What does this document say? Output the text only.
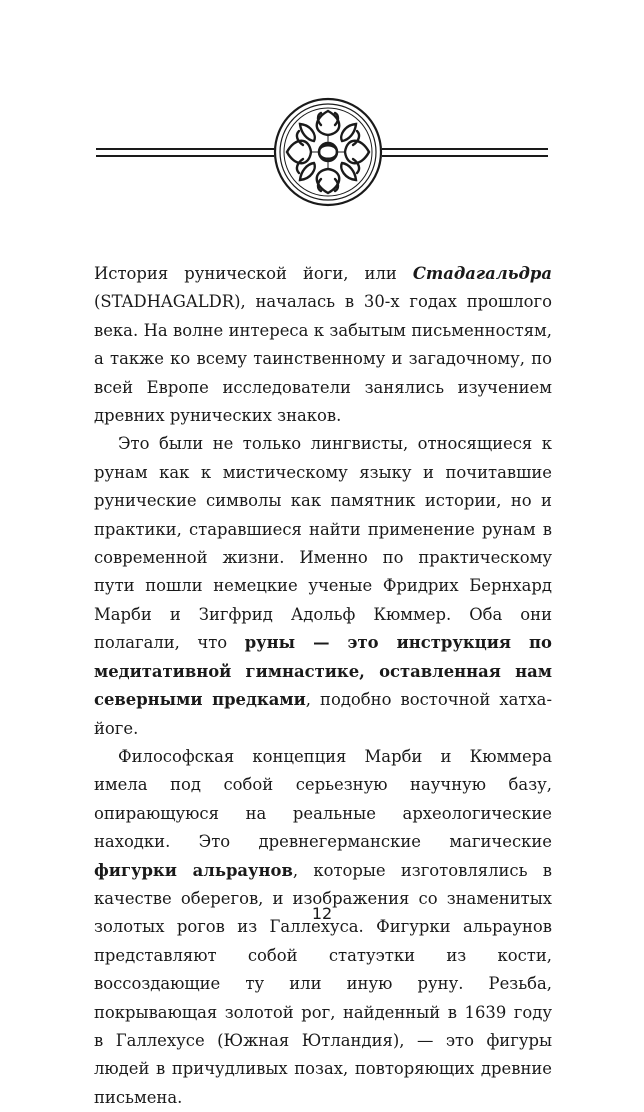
История рунической йоги, или Стадагальдра (STADHAGALDR), началась в 30-х годах прошлого века. На волне интереса к забытым письменностям, а также ко всему таинственному и загадочному, по всей Европе исследователи занялись изучением древних рунических знаков.

Это были не только лингвисты, относящиеся к рунам как к мистическому языку и почитавшие рунические символы как памятник истории, но и практики, старавшиеся найти применение рунам в современной жизни. Именно по практическому пути пошли немецкие ученые Фридрих Бернхард Марби и Зигфрид Адольф Кюммер. Оба они полагали, что руны — это инструкция по медитативной гимнастике, оставленная нам северными предками, подобно восточной хатха-йоге.

Философская концепция Марби и Кюммера имела под собой серьезную научную базу, опирающуюся на реальные археологические находки. Это древнегерманские магические фигурки альраунов, которые изготовлялись в качестве оберегов, и изображения со знаменитых золотых рогов из Галлехуса. Фигурки альраунов представляют собой статуэтки из кости, воссоздающие ту или иную руну. Резьба, покрывающая золотой рог, найденный в 1639 году в Галлехусе (Южная Ютландия), — это фигуры людей в причудливых позах, повторяющих древние письмена.

12
